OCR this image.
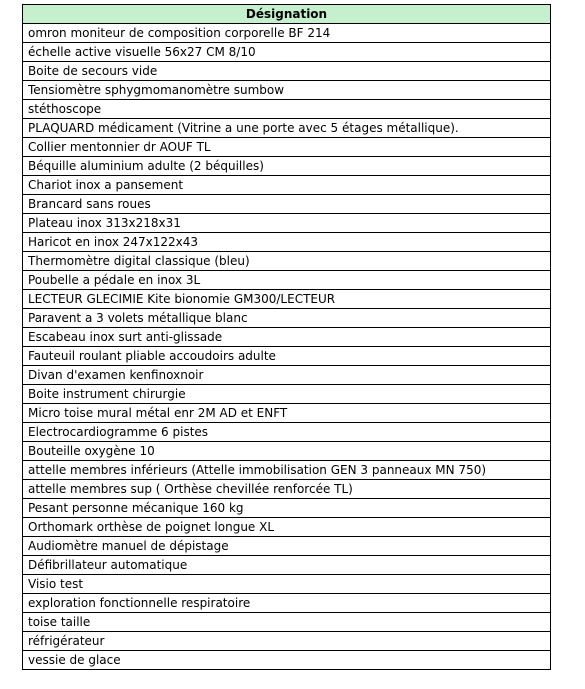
Désignation
omron moniteur de composition corporelle BF 214
échelle active visuelle 56x27 CM 8/10
Boite de secours vide
Tensiomètre sphygmomanomètre sumbow
stéthoscope
PLAQUARD médicament (Vitrine a une porte avec 5 étages métallique).
Collier mentonnier dr AOUF TL
Béquille aluminium adulte (2 béquilles)
Chariot inox a pansement
Brancard sans roues
Plateau inox 313x218x31
Haricot en inox 247x122x43
Thermomètre digital classique (bleu)
Poubelle a pédale en inox 3L
LECTEUR GLECIMIE Kite bionomie GM300/LECTEUR
Paravent a 3 volets métallique blanc
Escabeau inox surt anti-glissade
Fauteuil roulant pliable accoudoirs adulte
Divan d'examen kenfinoxnoir
Boite instrument chirurgie
Micro toise mural métal enr 2M AD et ENFT
Electrocardiogramme 6 pistes
Bouteille oxygène 10
attelle membres inférieurs (Attelle immobilisation GEN 3 panneaux MN 750)
attelle membres sup ( Orthèse chevillée renforcée TL)
Pesant personne mécanique 160 kg
Orthomark orthèse de poignet longue XL
Audiomètre manuel de dépistage
Défibrillateur automatique
Visio test
exploration fonctionnelle respiratoire
toise taille
réfrigérateur
vessie de glace
